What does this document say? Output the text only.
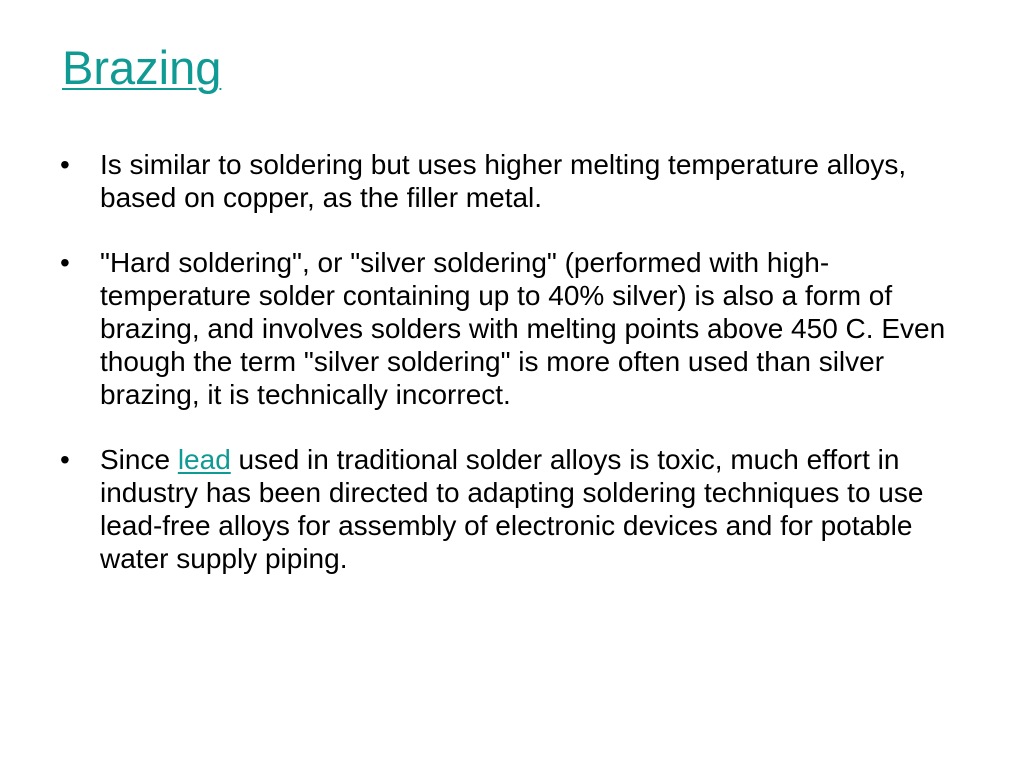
Brazing
•	Is similar to soldering but uses higher melting temperature alloys, based on copper, as the filler metal.
•	"Hard soldering", or "silver soldering" (performed with high-temperature solder containing up to 40% silver) is also a form of brazing, and involves solders with melting points above 450 C. Even though the term "silver soldering" is more often used than silver brazing, it is technically incorrect.
•	Since lead used in traditional solder alloys is toxic, much effort in industry has been directed to adapting soldering techniques to use lead-free alloys for assembly of electronic devices and for potable water supply piping.
